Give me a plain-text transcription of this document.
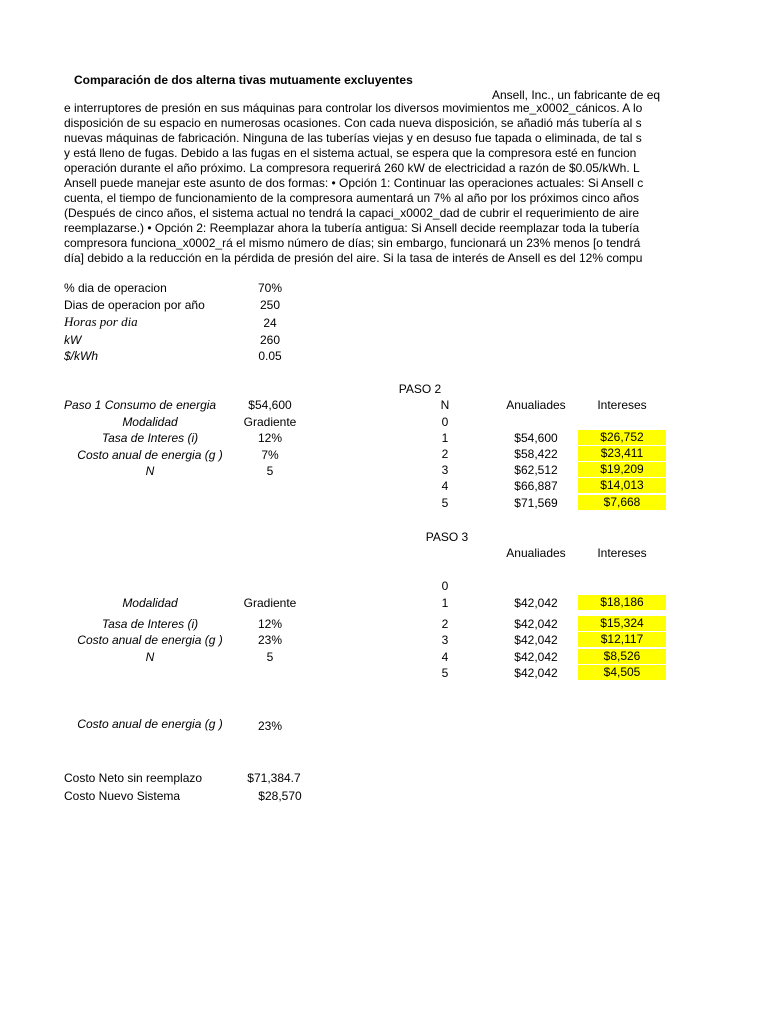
Comparación de dos alterna tivas mutuamente excluyentes
Ansell, Inc., un fabricante de eq
e interruptores de presión en sus máquinas para controlar los diversos movimientos me_x0002_cánicos. A lo
disposición de su espacio en numerosas ocasiones. Con cada nueva disposición, se añadió más tubería al s
nuevas máquinas de fabricación. Ninguna de las tuberías viejas y en desuso fue tapada o eliminada, de tal s
y está lleno de fugas. Debido a las fugas en el sistema actual, se espera que la compresora esté en funcion
operación durante el año próximo. La compresora requerirá 260 kW de electricidad a razón de $0.05/kWh. L
Ansell puede manejar este asunto de dos formas: • Opción 1: Continuar las operaciones actuales: Si Ansell c
cuenta, el tiempo de funcionamiento de la compresora aumentará un 7% al año por los próximos cinco años
(Después de cinco años, el sistema actual no tendrá la capaci_x0002_dad de cubrir el requerimiento de aire
reemplazarse.) • Opción 2: Reemplazar ahora la tubería antigua: Si Ansell decide reemplazar toda la tubería
compresora funciona_x0002_rá el mismo número de días; sin embargo, funcionará un 23% menos [o tendrá
día] debido a la reducción en la pérdida de presión del aire. Si la tasa de interés de Ansell es del 12% compu
% dia de operacion	70%
Dias de operacion por año	250
Horas por dia	24
kW	260
$/kWh	0.05
PASO 2
N	Anualiades	Intereses
Paso 1 Consumo de energia	$54,600
Modalidad	Gradiente
Tasa de Interes (i)	12%
Costo anual de energia (g )	7%
N	5
0
1	$54,600	$26,752
2	$58,422	$23,411
3	$62,512	$19,209
4	$66,887	$14,013
5	$71,569	$7,668
PASO 3
Anualiades	Intereses
0
1	$42,042	$18,186
2	$42,042	$15,324
3	$42,042	$12,117
4	$42,042	$8,526
5	$42,042	$4,505
Modalidad	Gradiente
Tasa de Interes (i)	12%
Costo anual de energia (g )	23%
N	5
Costo anual de energia (g )	23%
Costo Neto sin reemplazo	$71,384.7
Costo Nuevo Sistema	$28,570
